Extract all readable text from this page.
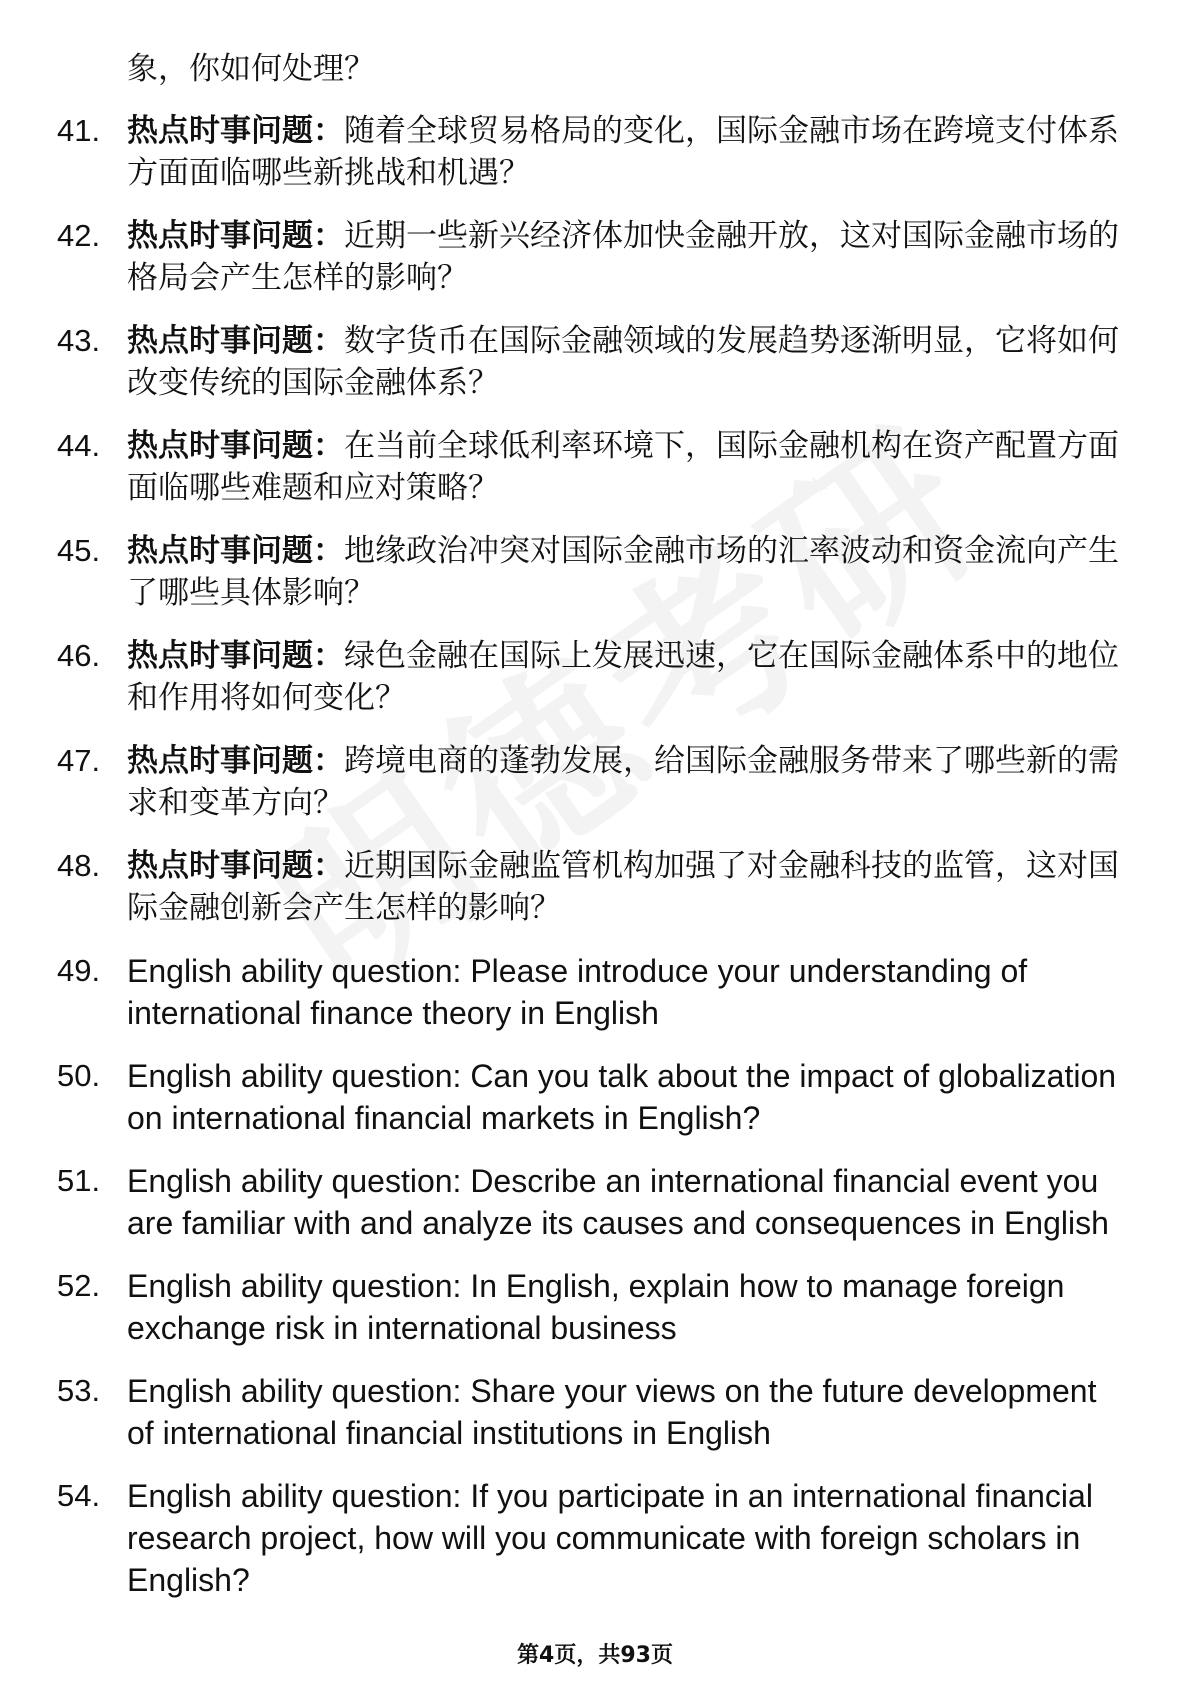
象，你如何处理？
41. 热点时事问题：随着全球贸易格局的变化，国际金融市场在跨境支付体系方面面临哪些新挑战和机遇？
42. 热点时事问题：近期一些新兴经济体加快金融开放，这对国际金融市场的格局会产生怎样的影响？
43. 热点时事问题：数字货币在国际金融领域的发展趋势逐渐明显，它将如何改变传统的国际金融体系？
44. 热点时事问题：在当前全球低利率环境下，国际金融机构在资产配置方面面临哪些难题和应对策略？
45. 热点时事问题：地缘政治冲突对国际金融市场的汇率波动和资金流向产生了哪些具体影响？
46. 热点时事问题：绿色金融在国际上发展迅速，它在国际金融体系中的地位和作用将如何变化？
47. 热点时事问题：跨境电商的蓬勃发展，给国际金融服务带来了哪些新的需求和变革方向？
48. 热点时事问题：近期国际金融监管机构加强了对金融科技的监管，这对国际金融创新会产生怎样的影响？
49. English ability question: Please introduce your understanding of international finance theory in English
50. English ability question: Can you talk about the impact of globalization on international financial markets in English?
51. English ability question: Describe an international financial event you are familiar with and analyze its causes and consequences in English
52. English ability question: In English, explain how to manage foreign exchange risk in international business
53. English ability question: Share your views on the future development of international financial institutions in English
54. English ability question: If you participate in an international financial research project, how will you communicate with foreign scholars in English?
第4页，共93页
